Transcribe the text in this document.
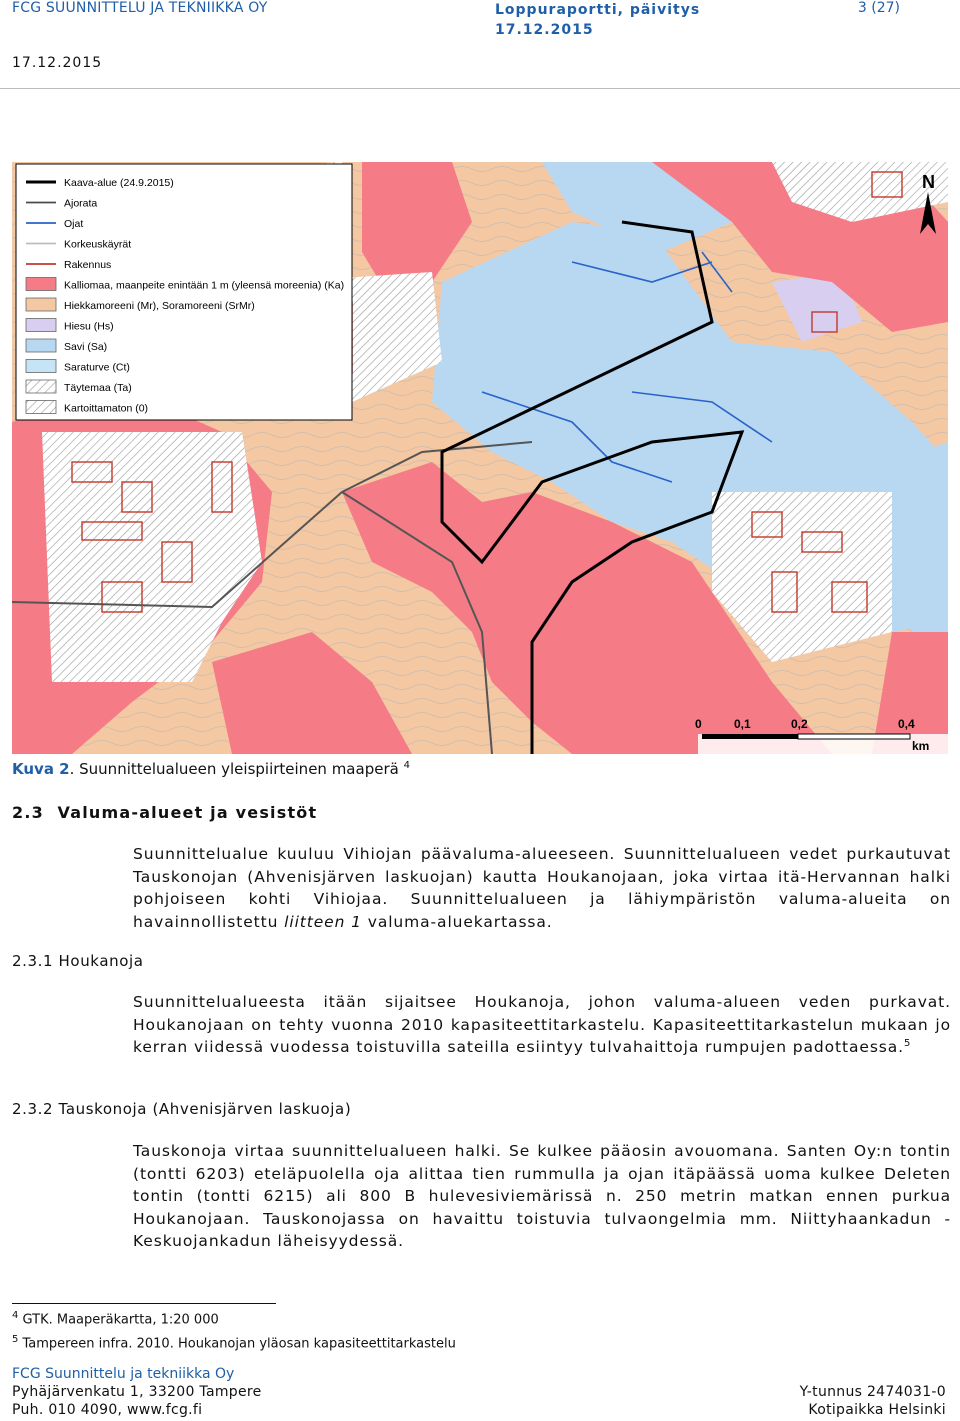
FCG SUUNNITTELU JA TEKNIIKKA OY	Loppuraportti, päivitys
17.12.2015
3 (27)
17.12.2015
Kaava-alue (24.9.2015)
Ajorata
Ojat
Korkeuskäyrät
Rakennus
Kalliomaa, maanpeite enintään 1 m (yleensä moreenia) (Ka)
Hiekkamoreeni (Mr), Soramoreeni (SrMr)
Hiesu (Hs)
Savi (Sa)
Saraturve (Ct)
Täytemaa (Ta)
Kartoittamaton (0)
N
0	0,1	0,2	0,4
km
Kuva 2. Suunnittelualueen yleispiirteinen maaperä $^4$
2.3 Valuma-alueet ja vesistöt
Suunnittelualue kuuluu Vihiojan päävaluma-alueeseen. Suunnittelualueen vedet purkautuvat Tauskonojan (Ahvenisjärven laskuojan) kautta Houkanojaan, joka virtaa itä-Hervannan halki pohjoiseen kohti Vihiojaa. Suunnittelualueen ja lähiympäristön valuma-alueita on havainnollistettu liitteen 1 valuma-aluekartassa.
2.3.1 Houkanoja
Suunnittelualueesta itään sijaitsee Houkanoja, johon valuma-alueen veden purkavat. Houkanojaan on tehty vuonna 2010 kapasiteettitarkastelu. Kapasiteettitarkastelun mukaan jo kerran viidessä vuodessa toistuvilla sateilla esiintyy tulvahaittoja rumpujen padottaessa.$^5$
2.3.2 Tauskonoja (Ahvenisjärven laskuoja)
Tauskonoja virtaa suunnittelualueen halki. Se kulkee pääosin avouomana. Santen Oy:n tontin (tontti 6203) eteläpuolella oja alittaa tien rummulla ja ojan itäpäässä uoma kulkee Deleten tontin (tontti 6215) ali 800 B hulevesiviemärissä n. 250 metrin matkan ennen purkua Houkanojaan. Tauskonojassa on havaittu toistuvia tulvaongelmia mm. Niittyhaankadun -Keskuojankadun läheisyydessä.
$^4$ GTK. Maaperäkartta, 1:20 000
$^5$ Tampereen infra. 2010. Houkanojan yläosan kapasiteettitarkastelu
FCG Suunnittelu ja tekniikka Oy
Pyhäjärvenkatu 1, 33200 Tampere
Puh. 010 4090, www.fcg.fi
Y-tunnus 2474031-0
Kotipaikka Helsinki
